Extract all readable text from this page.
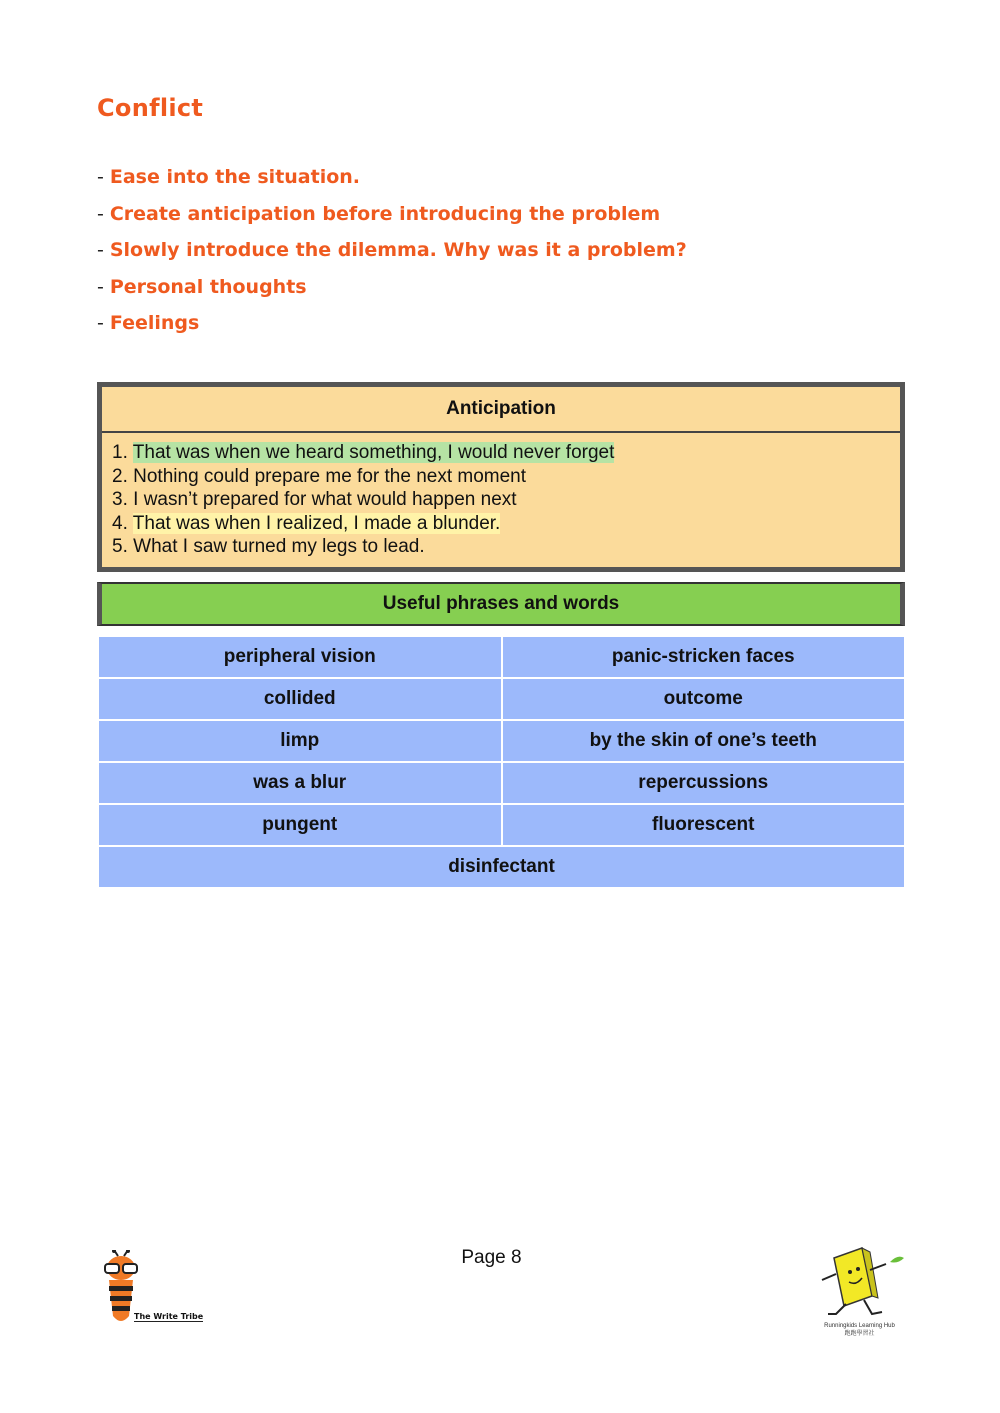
Conflict
- Ease into the situation.
- Create anticipation before introducing the problem
- Slowly introduce the dilemma. Why was it a problem?
- Personal thoughts
- Feelings
Anticipation
1. That was when we heard something, I would never forget
2. Nothing could prepare me for the next moment
3. I wasn’t prepared for what would happen next
4. That was when I realized, I made a blunder.
5. What I saw turned my legs to lead.
Useful phrases and words
peripheral vision	panic-stricken faces
collided	outcome
limp	by the skin of one’s teeth
was a blur	repercussions
pungent	fluorescent
disinfectant	
Page 8
The Write Tribe
Runningkids Learning Hub
跑跑學習社
